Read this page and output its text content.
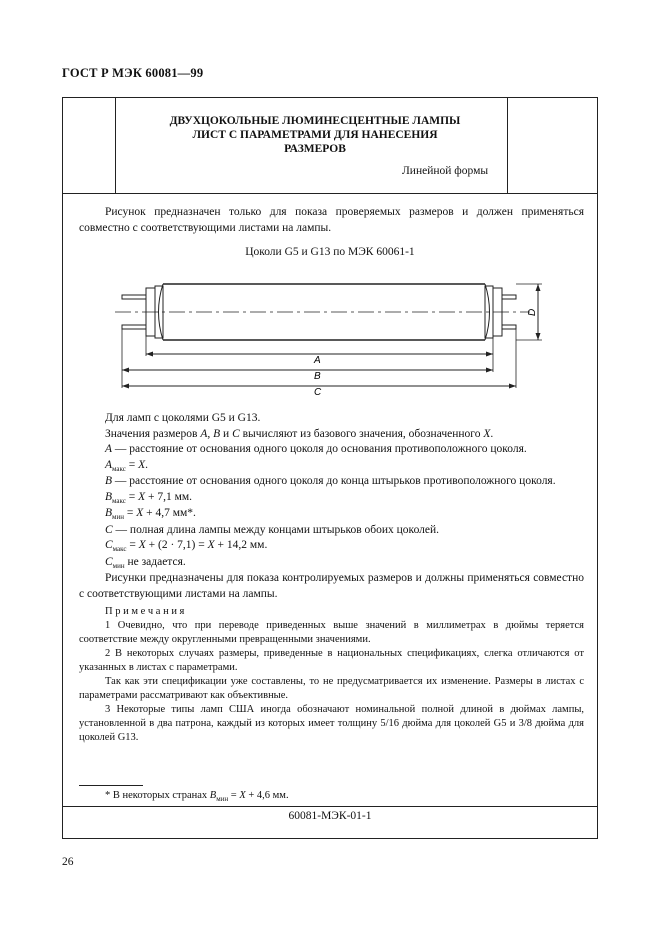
ГОСТ Р МЭК 60081—99
ДВУХЦОКОЛЬНЫЕ ЛЮМИНЕСЦЕНТНЫЕ ЛАМПЫ
ЛИСТ С ПАРАМЕТРАМИ ДЛЯ НАНЕСЕНИЯ
РАЗМЕРОВ
Линейной формы
Рисунок предназначен только для показа проверяемых размеров и должен применяться совместно с соответствующими листами на лампы.
Цоколи G5 и G13 по МЭК 60061-1
A
B
C
D

Для ламп с цоколями G5 и G13.

Значения размеров A, B и C вычисляют из базового значения, обозначенного X.

A — расстояние от основания одного цоколя до основания противоположного цоколя.

$A_{макс} = X$.

B — расстояние от основания одного цоколя до конца штырьков противоположного цоколя.

$B_{макс} = X + 7,1$ мм.

$B_{мин} = X + 4,7$ мм*.

C — полная длина лампы между концами штырьков обоих цоколей.

$C_{макс} = X + (2 \cdot 7,1) = X + 14,2$ мм.

$C_{мин}$ не задается.

Рисунки предназначены для показа контролируемых размеров и должны применяться совместно с соответствующими листами на лампы.

П р и м е ч а н и я

1 Очевидно, что при переводе приведенных выше значений в миллиметрах в дюймы теряется соответствие между округленными превращенными значениями.

2 В некоторых случаях размеры, приведенные в национальных спецификациях, слегка отличаются от указанных в листах с параметрами.

Так как эти спецификации уже составлены, то не предусматривается их изменение. Размеры в листах с параметрами рассматривают как объективные.

3 Некоторые типы ламп США иногда обозначают номинальной полной длиной в дюймах лампы, установленной в два патрона, каждый из которых имеет толщину 5/16 дюйма для цоколей G5 и 3/8 дюйма для цоколей G13.

* В некоторых странах $B_{мин} = X + 4,6$ мм.
60081-МЭК-01-1
26
